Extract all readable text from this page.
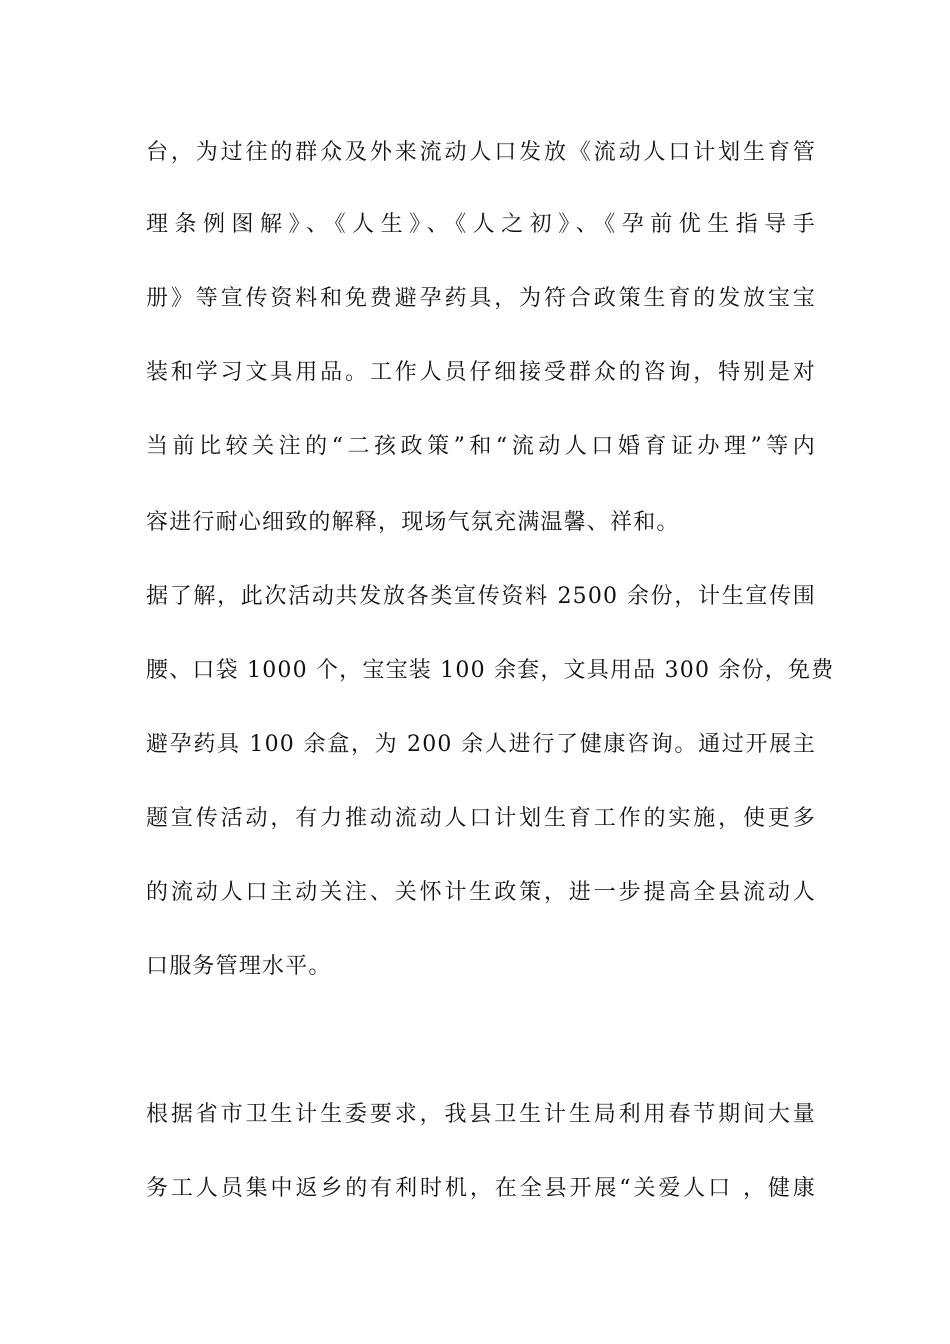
台，为过往的群众及外来流动人口发放《流动人口计划生育管
理条例图解》、《人生》、《人之初》、《孕前优生指导手
册》等宣传资料和免费避孕药具，为符合政策生育的发放宝宝
装和学习文具用品。工作人员仔细接受群众的咨询，特别是对
当前比较关注的“二孩政策”和“流动人口婚育证办理”等内
容进行耐心细致的解释，现场气氛充满温馨、祥和。
据了解，此次活动共发放各类宣传资料 2500 余份，计生宣传围
腰、口袋 1000 个，宝宝装 100 余套，文具用品 300 余份，免费
避孕药具 100 余盒，为 200 余人进行了健康咨询。通过开展主
题宣传活动，有力推动流动人口计划生育工作的实施，使更多
的流动人口主动关注、关怀计生政策，进一步提高全县流动人
口服务管理水平。
根据省市卫生计生委要求，我县卫生计生局利用春节期间大量
务工人员集中返乡的有利时机，在全县开展“关爱人口 ，健康
